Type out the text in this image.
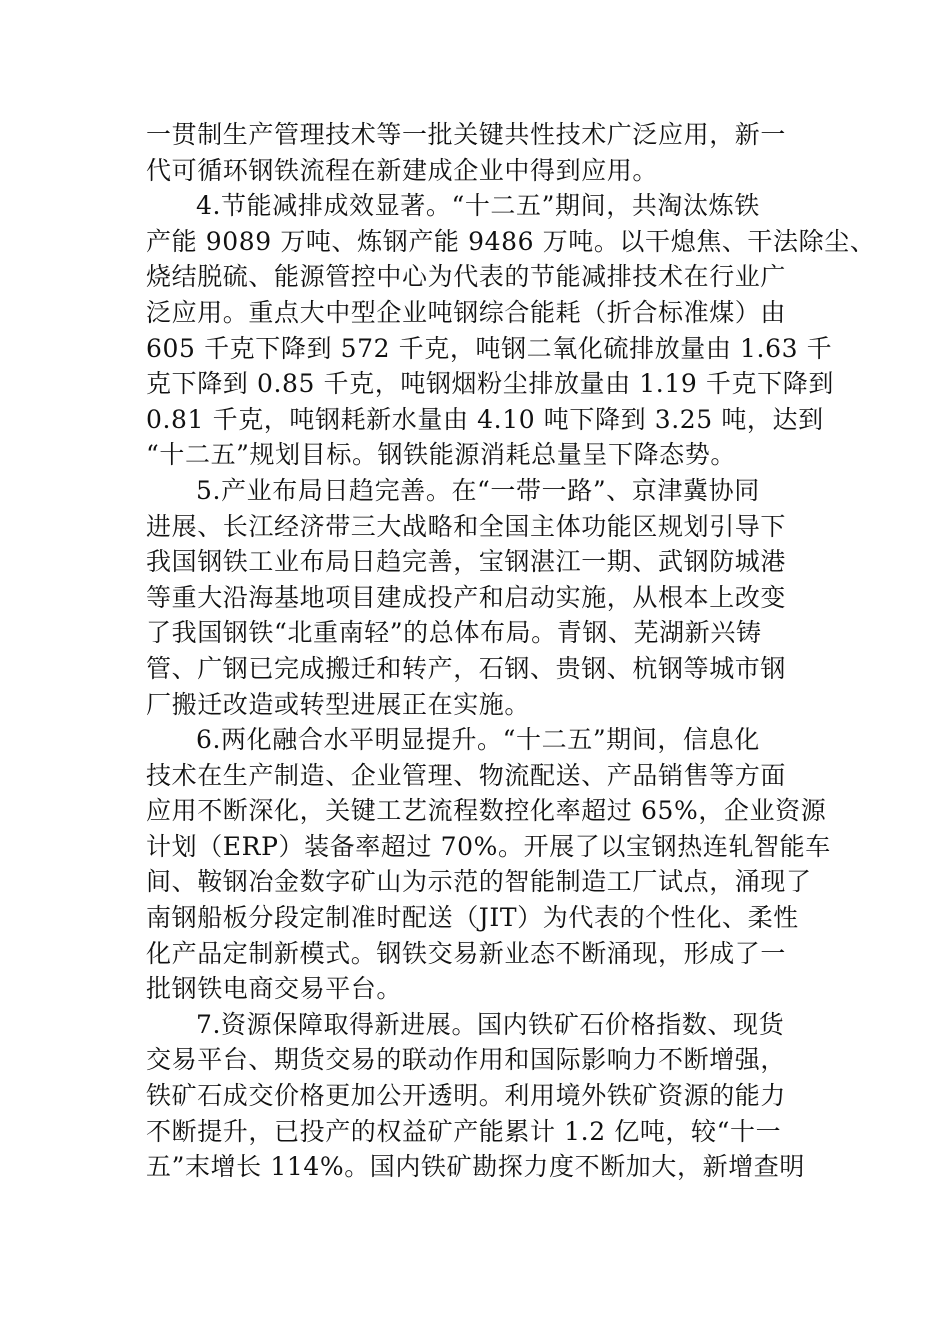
一贯制生产管理技术等一批关键共性技术广泛应用，新一
代可循环钢铁流程在新建成企业中得到应用。
4.节能减排成效显著。“十二五”期间，共淘汰炼铁
产能 9089 万吨、炼钢产能 9486 万吨。以干熄焦、干法除尘、
烧结脱硫、能源管控中心为代表的节能减排技术在行业广
泛应用。重点大中型企业吨钢综合能耗（折合标准煤）由
605 千克下降到 572 千克，吨钢二氧化硫排放量由 1.63 千
克下降到 0.85 千克，吨钢烟粉尘排放量由 1.19 千克下降到
0.81 千克，吨钢耗新水量由 4.10 吨下降到 3.25 吨，达到
“十二五”规划目标。钢铁能源消耗总量呈下降态势。
5.产业布局日趋完善。在“一带一路”、京津冀协同
进展、长江经济带三大战略和全国主体功能区规划引导下
我国钢铁工业布局日趋完善，宝钢湛江一期、武钢防城港
等重大沿海基地项目建成投产和启动实施，从根本上改变
了我国钢铁“北重南轻”的总体布局。青钢、芜湖新兴铸
管、广钢已完成搬迁和转产，石钢、贵钢、杭钢等城市钢
厂搬迁改造或转型进展正在实施。
6.两化融合水平明显提升。“十二五”期间，信息化
技术在生产制造、企业管理、物流配送、产品销售等方面
应用不断深化，关键工艺流程数控化率超过 65%，企业资源
计划（ERP）装备率超过 70%。开展了以宝钢热连轧智能车
间、鞍钢冶金数字矿山为示范的智能制造工厂试点，涌现了
南钢船板分段定制准时配送（JIT）为代表的个性化、柔性
化产品定制新模式。钢铁交易新业态不断涌现，形成了一
批钢铁电商交易平台。
7.资源保障取得新进展。国内铁矿石价格指数、现货
交易平台、期货交易的联动作用和国际影响力不断增强，
铁矿石成交价格更加公开透明。利用境外铁矿资源的能力
不断提升，已投产的权益矿产能累计 1.2 亿吨，较“十一
五”末增长 114%。国内铁矿勘探力度不断加大，新增查明
